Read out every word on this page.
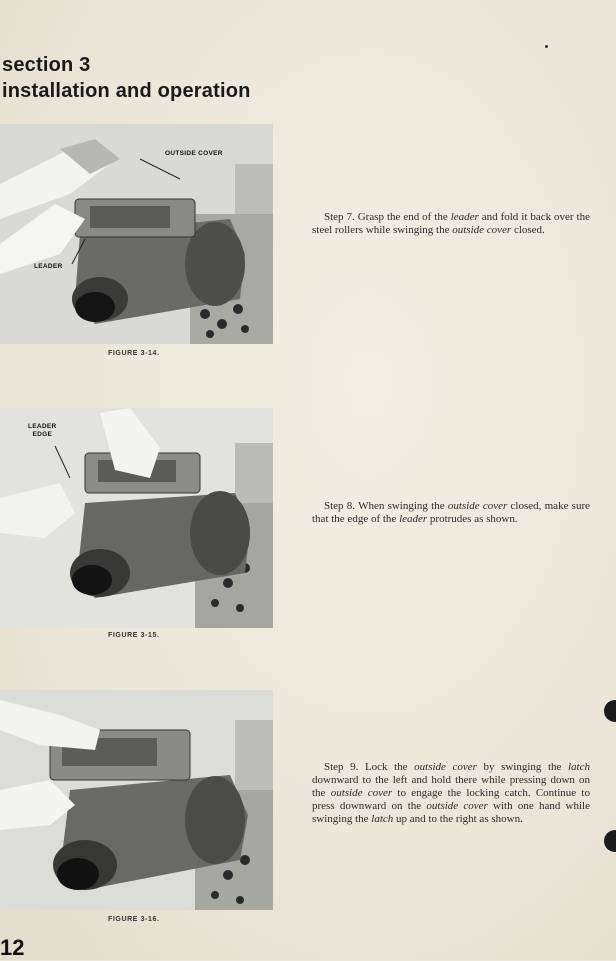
section 3
installation and operation
OUTSIDE COVER
LEADER
FIGURE 3-14.
LEADER
EDGE
FIGURE 3-15.
FIGURE 3-16.

Step 7. Grasp the end of the leader and fold it back over the steel rollers while swinging the outside cover closed.

Step 8. When swinging the outside cover closed, make sure that the edge of the leader protrudes as shown.

Step 9. Lock the outside cover by swinging the latch downward to the left and hold there while pressing down on the outside cover to engage the locking catch. Continue to press downward on the outside cover with one hand while swinging the latch up and to the right as shown.

12
